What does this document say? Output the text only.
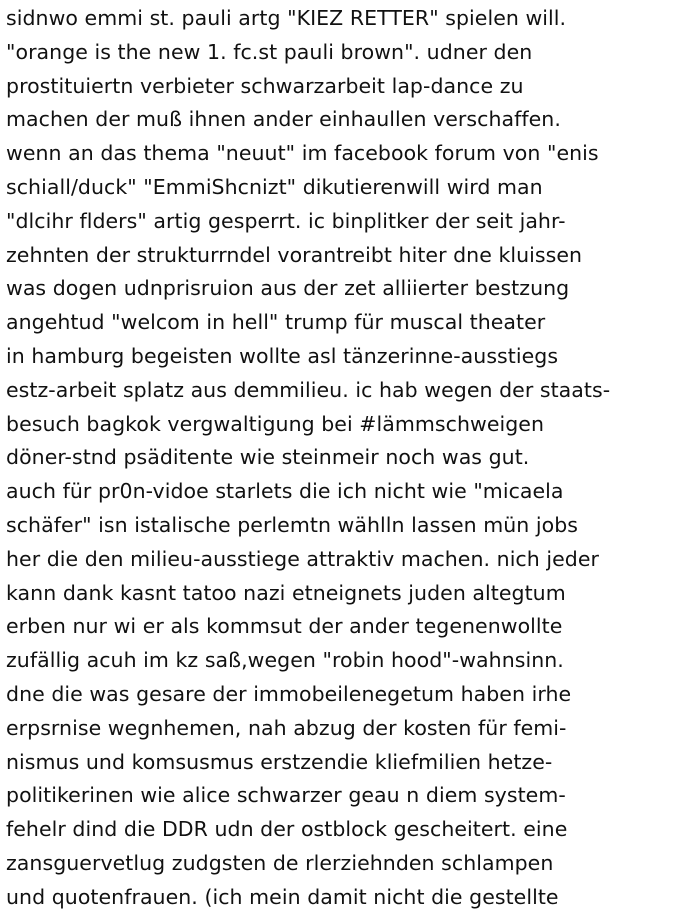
sidnwo emmi st. pauli artg "KIEZ RETTER" spielen will.
"orange is the new 1. fc.st pauli brown". udner den
prostituiertn verbieter schwarzarbeit lap-dance zu
machen der muß ihnen ander einhaullen verschaffen.
wenn an das thema "neuut" im facebook forum von "enis
schiall/duck" "EmmiShcnizt" dikutierenwill wird man
"dlcihr flders" artig gesperrt. ic binplitker der seit jahr-
zehnten der strukturrndel vorantreibt hiter dne kluissen
was dogen udnprisruion aus der zet alliierter bestzung
angehtud "welcom in hell" trump für muscal theater
in hamburg begeisten wollte asl tänzerinne-ausstiegs
estz-arbeit splatz aus demmilieu. ic hab wegen der staats-
besuch bagkok vergwaltigung bei #lämmschweigen
döner-stnd psäditente wie steinmeir noch was gut.
auch für pr0n-vidoe starlets die ich nicht wie "micaela
schäfer" isn istalische perlemtn wählln lassen mün jobs
her die den milieu-ausstiege attraktiv machen. nich jeder
kann dank kasnt tatoo nazi etneignets juden altegtum
erben nur wi er als kommsut der ander tegenenwollte
zufällig acuh im kz saß,wegen "robin hood"-wahnsinn.
dne die was gesare der immobeilenegetum haben irhe
erpsrnise wegnhemen, nah abzug der kosten für femi-
nismus und komsusmus erstzendie kliefmilien hetze-
politikerinen wie alice schwarzer geau n diem system-
fehelr dind die DDR udn der ostblock gescheitert. eine
zansguervetlug zudgsten de rlerziehnden schlampen
und quotenfrauen. (ich mein damit nicht die gestellte
